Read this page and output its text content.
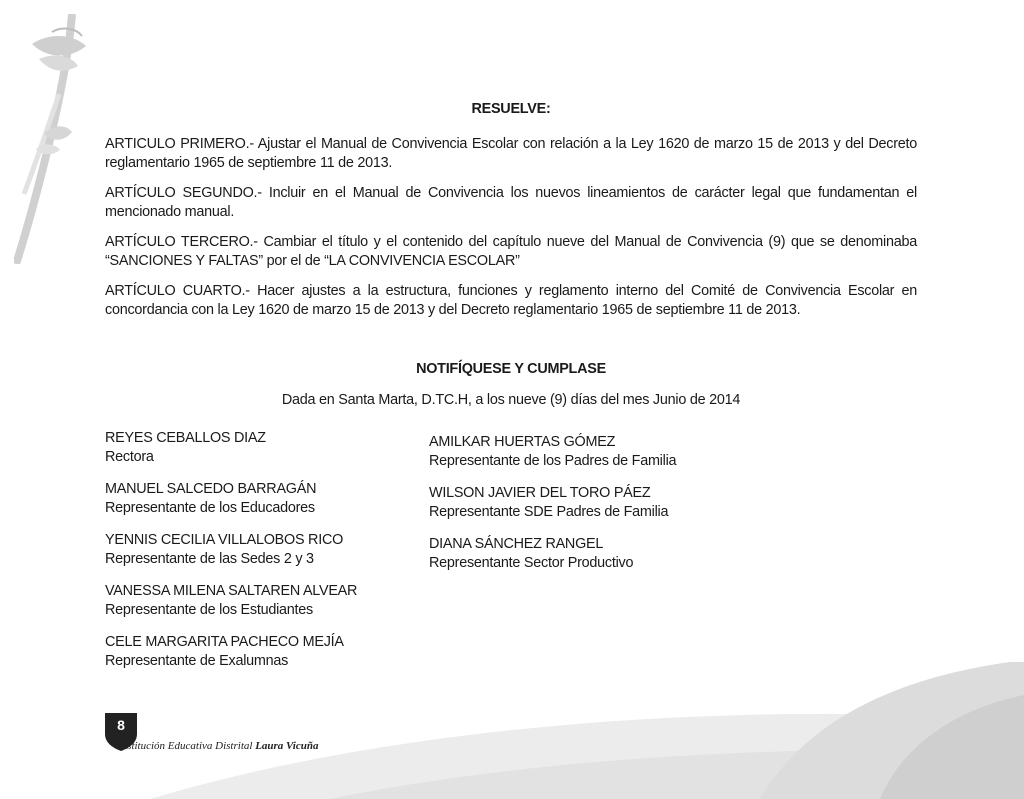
RESUELVE:

ARTICULO PRIMERO.- Ajustar el Manual de Convivencia Escolar con relación a la Ley 1620 de marzo 15 de 2013 y del Decreto reglamentario 1965 de septiembre 11 de 2013.

ARTÍCULO SEGUNDO.- Incluir en el Manual de Convivencia los nuevos lineamientos de carácter legal que fundamentan el mencionado manual.

ARTÍCULO TERCERO.- Cambiar el título y el contenido del capítulo nueve del Manual de Convivencia (9) que se denominaba “SANCIONES Y FALTAS” por el de “LA CONVIVENCIA ESCOLAR”

ARTÍCULO CUARTO.- Hacer ajustes a la estructura, funciones y reglamento interno del Comité de Convivencia Escolar en concordancia con la Ley 1620 de marzo 15 de 2013 y del Decreto reglamentario 1965 de septiembre 11 de 2013.

NOTIFÍQUESE Y CUMPLASE

Dada en Santa Marta, D.TC.H, a los nueve (9) días del mes Junio de 2014

REYES CEBALLOS DIAZ
Rectora
MANUEL SALCEDO BARRAGÁN
Representante de los Educadores
YENNIS CECILIA VILLALOBOS RICO
Representante de las Sedes 2 y 3
VANESSA MILENA SALTAREN ALVEAR
Representante de los Estudiantes
CELE MARGARITA PACHECO MEJÍA
Representante de Exalumnas
AMILKAR HUERTAS GÓMEZ
Representante de los Padres de Familia
WILSON JAVIER DEL TORO PÁEZ
Representante SDE Padres de Familia
DIANA SÁNCHEZ RANGEL
Representante Sector Productivo
8
Institución Educativa Distrital Laura Vicuña
